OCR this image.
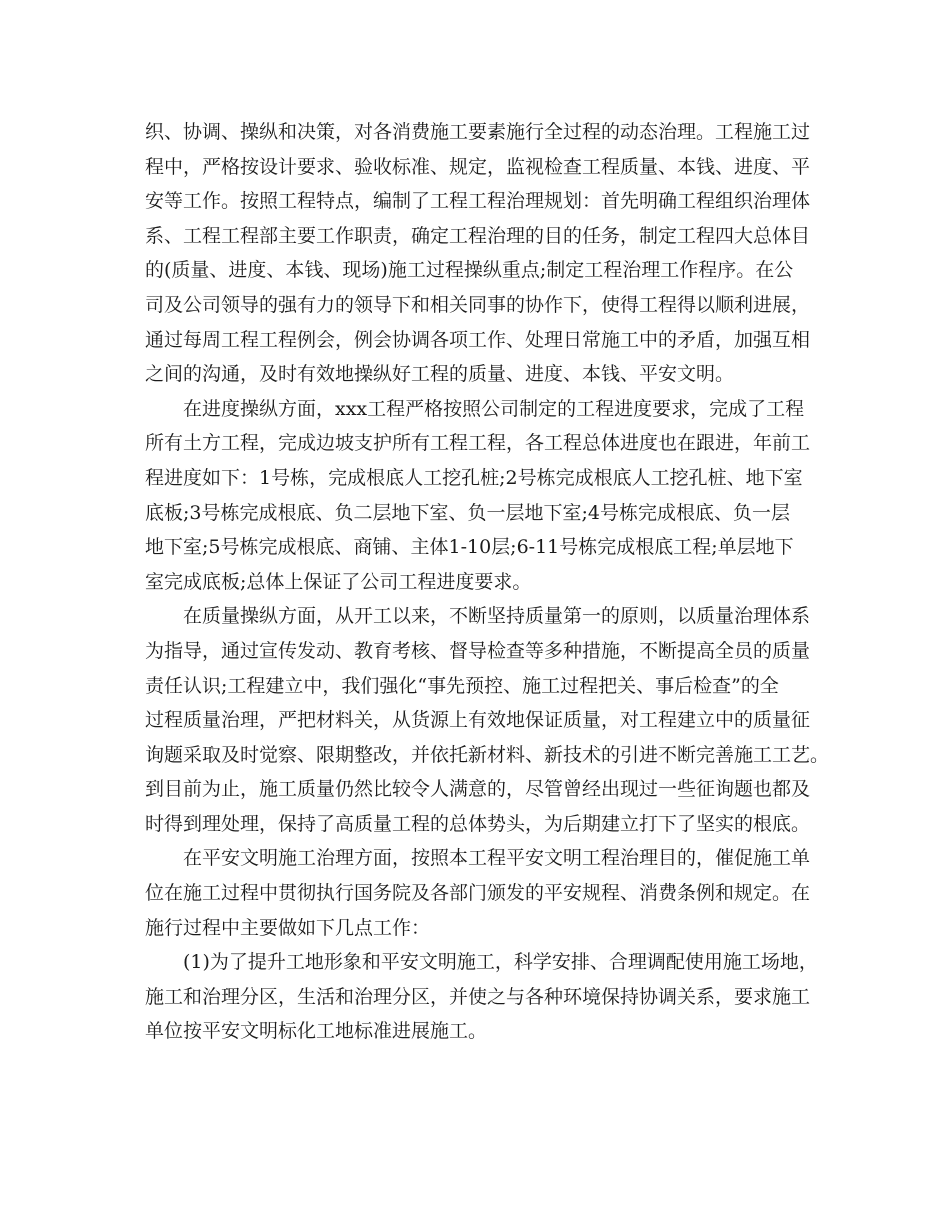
织、协调、操纵和决策，对各消费施工要素施行全过程的动态治理。工程施工过
程中，严格按设计要求、验收标准、规定，监视检查工程质量、本钱、进度、平
安等工作。按照工程特点，编制了工程工程治理规划：首先明确工程组织治理体
系、工程工程部主要工作职责，确定工程治理的目的任务，制定工程四大总体目
的(质量、进度、本钱、现场)施工过程操纵重点;制定工程治理工作程序。在公
司及公司领导的强有力的领导下和相关同事的协作下，使得工程得以顺利进展，
通过每周工程工程例会，例会协调各项工作、处理日常施工中的矛盾，加强互相
之间的沟通，及时有效地操纵好工程的质量、进度、本钱、平安文明。
在进度操纵方面，xxx工程严格按照公司制定的工程进度要求，完成了工程
所有土方工程，完成边坡支护所有工程工程，各工程总体进度也在跟进，年前工
程进度如下：1号栋，完成根底人工挖孔桩;2号栋完成根底人工挖孔桩、地下室
底板;3号栋完成根底、负二层地下室、负一层地下室;4号栋完成根底、负一层
地下室;5号栋完成根底、商铺、主体1-10层;6-11号栋完成根底工程;单层地下
室完成底板;总体上保证了公司工程进度要求。
在质量操纵方面，从开工以来，不断坚持质量第一的原则，以质量治理体系
为指导，通过宣传发动、教育考核、督导检查等多种措施，不断提高全员的质量
责任认识;工程建立中，我们强化“事先预控、施工过程把关、事后检查”的全
过程质量治理，严把材料关，从货源上有效地保证质量，对工程建立中的质量征
询题采取及时觉察、限期整改，并依托新材料、新技术的引进不断完善施工工艺。
到目前为止，施工质量仍然比较令人满意的，尽管曾经出现过一些征询题也都及
时得到理处理，保持了高质量工程的总体势头，为后期建立打下了坚实的根底。
在平安文明施工治理方面，按照本工程平安文明工程治理目的，催促施工单
位在施工过程中贯彻执行国务院及各部门颁发的平安规程、消费条例和规定。在
施行过程中主要做如下几点工作：
(1)为了提升工地形象和平安文明施工，科学安排、合理调配使用施工场地，
施工和治理分区，生活和治理分区，并使之与各种环境保持协调关系，要求施工
单位按平安文明标化工地标准进展施工。
